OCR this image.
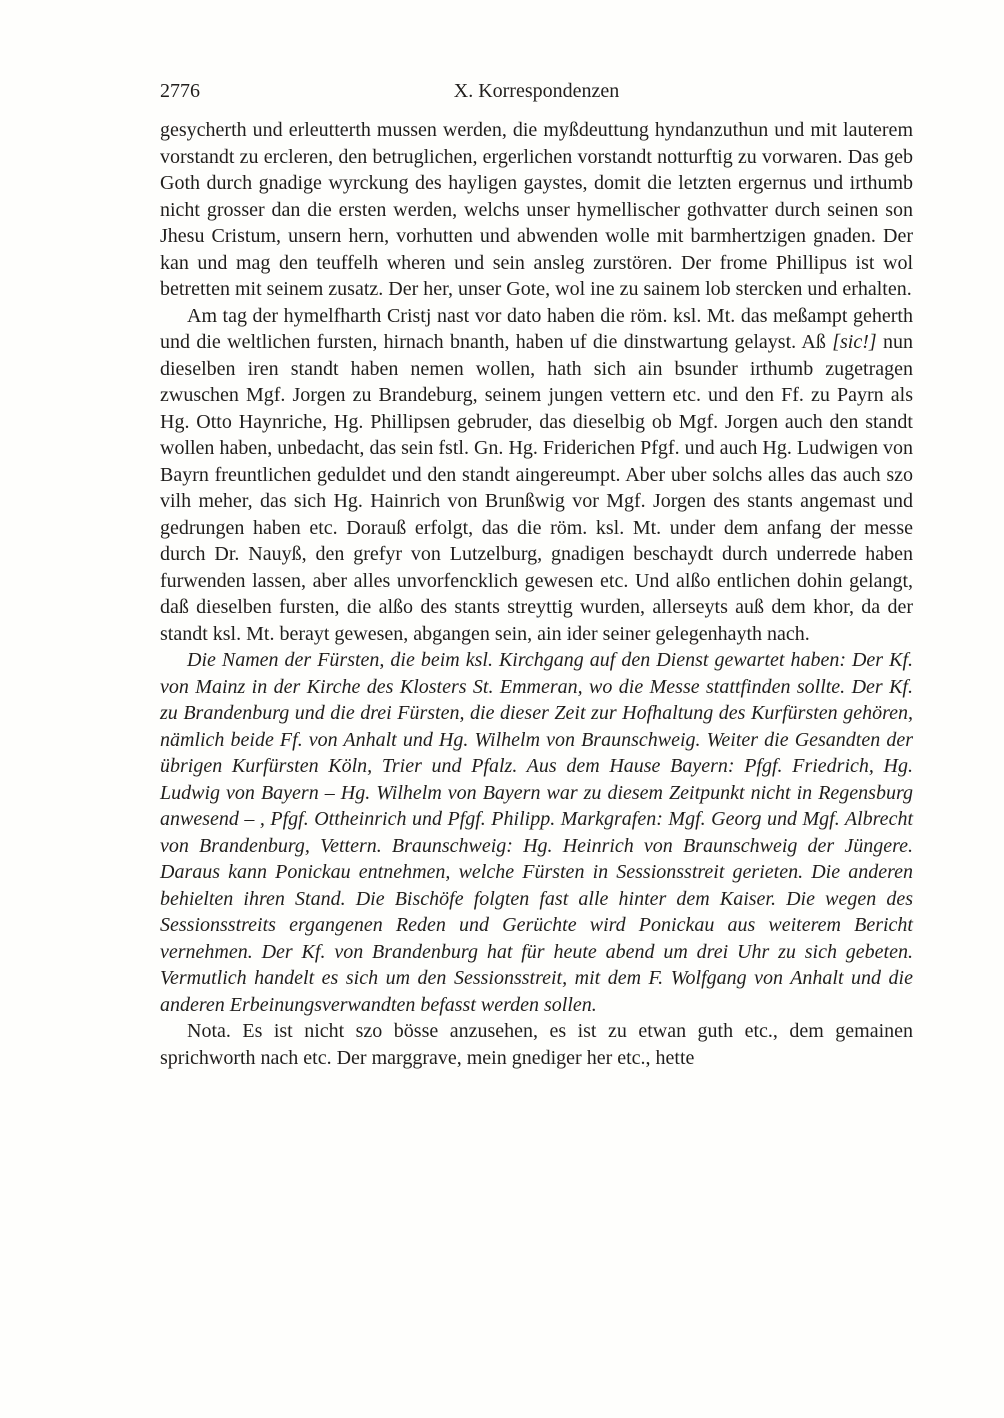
2776	X. Korrespondenzen

gesycherth und erleutterth mussen werden, die myßdeuttung hyndanzuthun und mit lauterem vorstandt zu ercleren, den betruglichen, ergerlichen vorstandt notturftig zu vorwaren. Das geb Goth durch gnadige wyrckung des hayligen gaystes, domit die letzten ergernus und irthumb nicht grosser dan die ersten werden, welchs unser hymellischer gothvatter durch seinen son Jhesu Cristum, unsern hern, vorhutten und abwenden wolle mit barmhertzigen gnaden. Der kan und mag den teuffelh wheren und sein ansleg zurstören. Der frome Phillipus ist wol betretten mit seinem zusatz. Der her, unser Gote, wol ine zu sainem lob stercken und erhalten.

Am tag der hymelfharth Cristj nast vor dato haben die röm. ksl. Mt. das meßampt geherth und die weltlichen fursten, hirnach bnanth, haben uf die dinstwartung gelayst. Aß [sic!] nun dieselben iren standt haben nemen wollen, hath sich ain bsunder irthumb zugetragen zwuschen Mgf. Jorgen zu Brandeburg, seinem jungen vettern etc. und den Ff. zu Payrn als Hg. Otto Haynriche, Hg. Phillipsen gebruder, das dieselbig ob Mgf. Jorgen auch den standt wollen haben, unbedacht, das sein fstl. Gn. Hg. Friderichen Pfgf. und auch Hg. Ludwigen von Bayrn freuntlichen geduldet und den standt aingereumpt. Aber uber solchs alles das auch szo vilh meher, das sich Hg. Hainrich von Brunßwig vor Mgf. Jorgen des stants angemast und gedrungen haben etc. Dorauß erfolgt, das die röm. ksl. Mt. under dem anfang der messe durch Dr. Nauyß, den grefyr von Lutzelburg, gnadigen beschaydt durch underrede haben furwenden lassen, aber alles unvorfencklich gewesen etc. Und alßo entlichen dohin gelangt, daß dieselben fursten, die alßo des stants streyttig wurden, allerseyts auß dem khor, da der standt ksl. Mt. berayt gewesen, abgangen sein, ain ider seiner gelegenhayth nach.

Die Namen der Fürsten, die beim ksl. Kirchgang auf den Dienst gewartet haben: Der Kf. von Mainz in der Kirche des Klosters St. Emmeran, wo die Messe stattfinden sollte. Der Kf. zu Brandenburg und die drei Fürsten, die dieser Zeit zur Hofhaltung des Kurfürsten gehören, nämlich beide Ff. von Anhalt und Hg. Wilhelm von Braunschweig. Weiter die Gesandten der übrigen Kurfürsten Köln, Trier und Pfalz. Aus dem Hause Bayern: Pfgf. Friedrich, Hg. Ludwig von Bayern – Hg. Wilhelm von Bayern war zu diesem Zeitpunkt nicht in Regensburg anwesend – , Pfgf. Ottheinrich und Pfgf. Philipp. Markgrafen: Mgf. Georg und Mgf. Albrecht von Brandenburg, Vettern. Braunschweig: Hg. Heinrich von Braunschweig der Jüngere. Daraus kann Ponickau entnehmen, welche Fürsten in Sessionsstreit gerieten. Die anderen behielten ihren Stand. Die Bischöfe folgten fast alle hinter dem Kaiser. Die wegen des Sessionsstreits ergangenen Reden und Gerüchte wird Ponickau aus weiterem Bericht vernehmen. Der Kf. von Brandenburg hat für heute abend um drei Uhr zu sich gebeten. Vermutlich handelt es sich um den Sessionsstreit, mit dem F. Wolfgang von Anhalt und die anderen Erbeinungsverwandten befasst werden sollen.

Nota. Es ist nicht szo bösse anzusehen, es ist zu etwan guth etc., dem gemainen sprichworth nach etc. Der marggrave, mein gnediger her etc., hette
